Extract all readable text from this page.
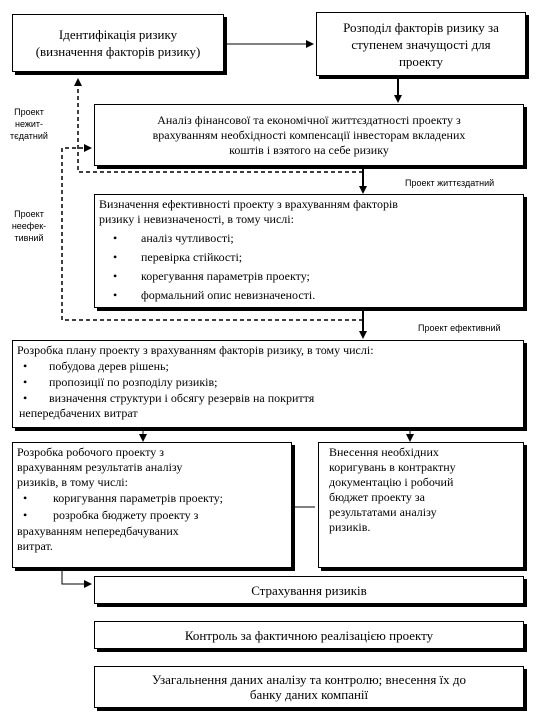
Ідентифікація ризику
(визначення факторів ризику)
Розподіл факторів ризику за
ступенем значущості для
проекту
Аналіз фінансової та економічної життєздатності проекту з
врахуванням необхідності компенсації інвесторам вкладених
коштів і взятого на себе ризику
Визначення ефективності проекту з врахуванням факторів
ризику і невизначеності, в тому числі:
• аналіз чутливості;
• перевірка стійкості;
• корегування параметрів проекту;
• формальний опис невизначеності.
Розробка плану проекту з врахуванням факторів ризику, в тому числі:
• побудова дерев рішень;
• пропозиції по розподілу ризиків;
• визначення структури і обсягу резервів на покриття
непередбачених витрат
Розробка робочого проекту з
врахуванням результатів аналізу
ризиків, в тому числі:
• коригування параметрів проекту;
• розробка бюджету проекту з
врахуванням непередбачуваних
витрат.
Внесення необхідних
коригувань в контрактну
документацію і робочий
бюджет проекту за
результатами аналізу
ризиків.
Страхування ризиків
Контроль за фактичною реалізацією проекту
Узагальнення даних аналізу та контролю; внесення їх до
банку даних компанії
Проект
нежит-
тєдатний
Проект
неефек-
тивний
Проект життєздатний
Проект ефективний
